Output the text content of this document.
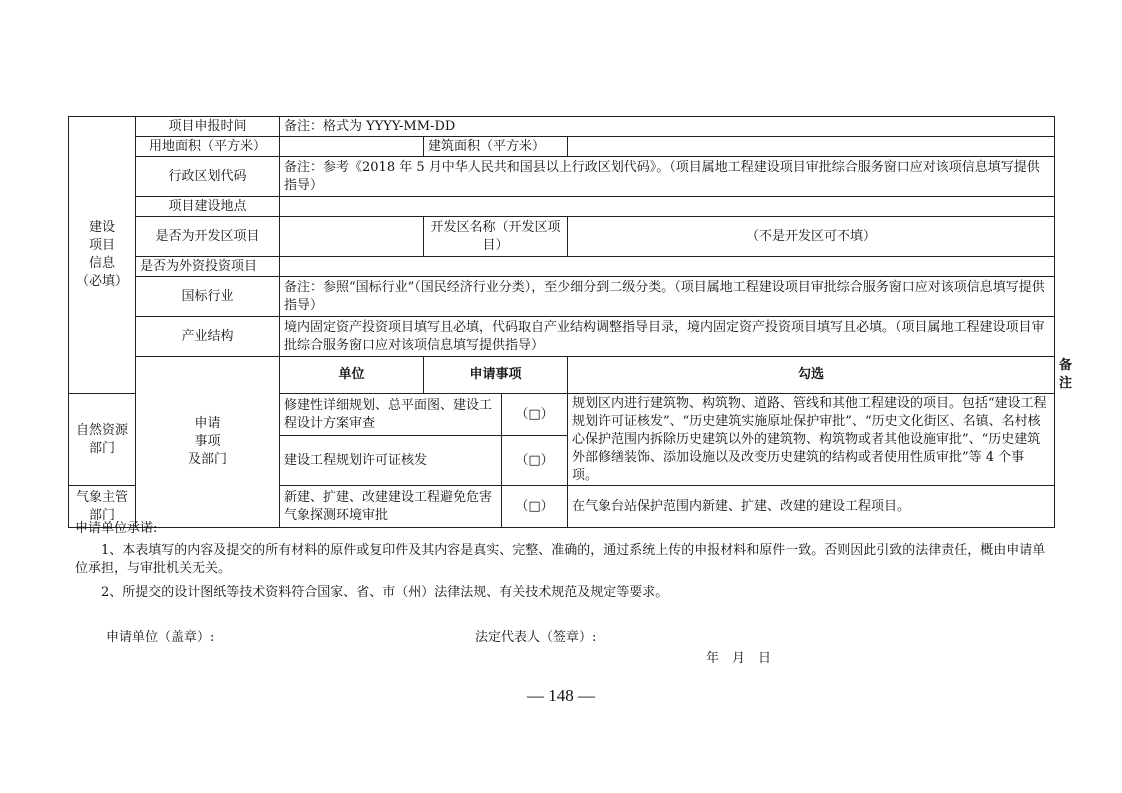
建设
项目
信息
（必填）	项目申报时间	备注：格式为 YYYY-MM-DD				
	用地面积（平方米）		建筑面积（平方米）			
	行政区划代码	备注：参考《2018 年 5 月中华人民共和国县以上行政区划代码》。（项目属地工程建设项目审批综合服务窗口应对该项信息填写提供指导）				
	项目建设地点					
	是否为开发区项目		开发区名称（开发区项目）		（不是开发区可不填）	
	是否为外资投资项目					
	国标行业	备注：参照“国标行业”（国民经济行业分类），至少细分到二级分类。（项目属地工程建设项目审批综合服务窗口应对该项信息填写提供指导）				
	产业结构	境内固定资产投资项目填写且必填，代码取自产业结构调整指导目录，境内固定资产投资项目填写且必填。（项目属地工程建设项目审批综合服务窗口应对该项信息填写提供指导）				
	申请
事项
及部门	单位	申请事项		勾选	备注
自然资源部门		修建性详细规划、总平面图、建设工程设计方案审查		（□）	规划区内进行建筑物、构筑物、道路、管线和其他工程建设的项目。包括“建设工程规划许可证核发”、“历史建筑实施原址保护审批”、“历史文化街区、名镇、名村核心保护范围内拆除历史建筑以外的建筑物、构筑物或者其他设施审批”、“历史建筑外部修缮装饰、添加设施以及改变历史建筑的结构或者使用性质审批”等 4 个事项。	
		建设工程规划许可证核发		（□）		
气象主管部门		新建、扩建、改建建设工程避免危害气象探测环境审批		（□）	在气象台站保护范围内新建、扩建、改建的建设工程项目。	
申请单位承诺:
1、本表填写的内容及提交的所有材料的原件或复印件及其内容是真实、完整、准确的，通过系统上传的申报材料和原件一致。否则因此引致的法律责任，概由申请单位承担，与审批机关无关。
2、所提交的设计图纸等技术资料符合国家、省、市（州）法律法规、有关技术规范及规定等要求。
申请单位（盖章）:	法定代表人（签章）:
年　月　日
— 148 —
